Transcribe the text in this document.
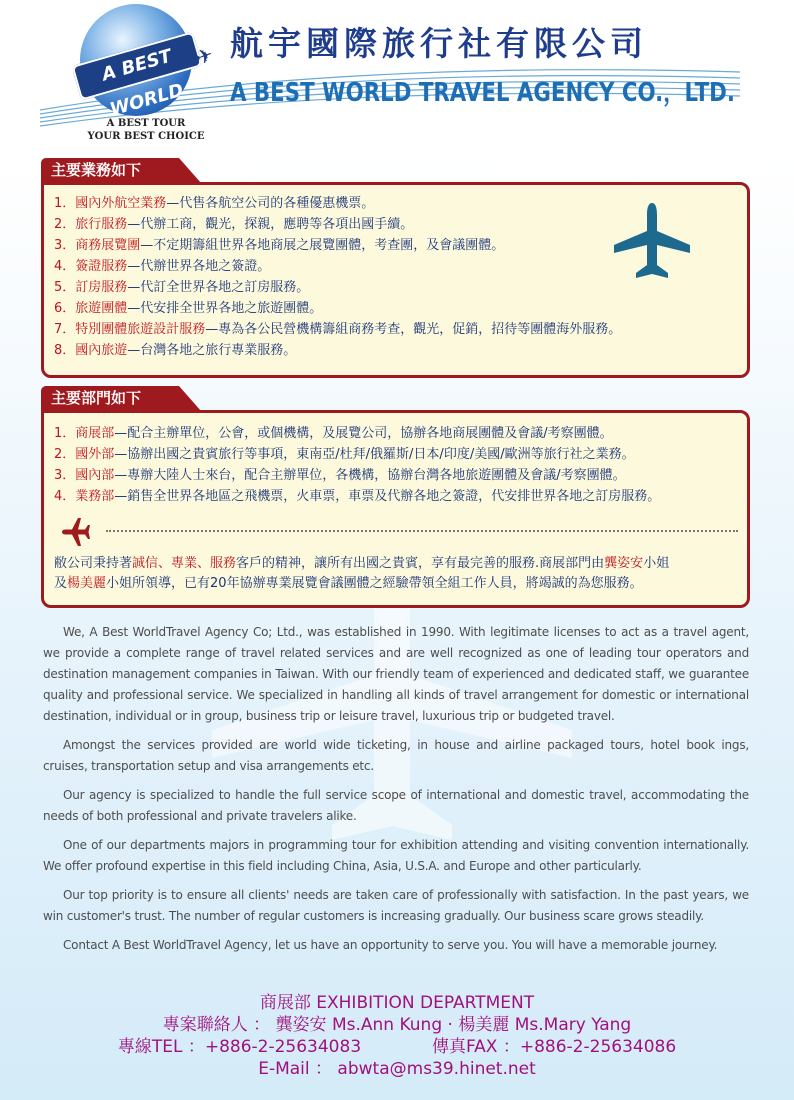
A BEST WORLD
✈
A BEST TOUR
YOUR BEST CHOICE
航宇國際旅行社有限公司
A BEST WORLD TRAVEL AGENCY CO.，LTD.
主要業務如下
1．國內外航空業務—代售各航空公司的各種優惠機票。
2．旅行服務—代辦工商，觀光，探親，應聘等各項出國手續。
3．商務展覽團—不定期籌組世界各地商展之展覽團體，考查團，及會議團體。
4．簽證服務—代辦世界各地之簽證。
5．訂房服務—代訂全世界各地之訂房服務。
6．旅遊團體—代安排全世界各地之旅遊團體。
7．特別團體旅遊設計服務—專為各公民營機構籌組商務考查，觀光，促銷，招待等團體海外服務。
8．國內旅遊—台灣各地之旅行專業服務。
主要部門如下
1．商展部—配合主辦單位，公會，或個機構，及展覽公司，協辦各地商展團體及會議/考察團體。
2．國外部—協辦出國之貴賓旅行等事項，東南亞/杜拜/俄羅斯/日本/印度/美國/歐洲等旅行社之業務。
3．國內部—專辦大陸人士來台，配合主辦單位，各機構，協辦台灣各地旅遊團體及會議/考察團體。
4．業務部—銷售全世界各地區之飛機票，火車票，車票及代辦各地之簽證，代安排世界各地之訂房服務。
敝公司秉持著誠信、專業、服務客戶的精神，讓所有出國之貴賓，享有最完善的服務.商展部門由龔姿安小姐
及楊美麗小姐所領導，已有20年協辦專業展覽會議團體之經驗帶領全組工作人員，將竭誠的為您服務。

We, A Best WorldTravel Agency Co; Ltd., was established in 1990. With legitimate licenses to act as a travel agent, we provide a complete range of travel related services and are well recognized as one of leading tour operators and destination management companies in Taiwan. With our friendly team of experienced and dedicated staff, we guarantee quality and professional service. We specialized in handling all kinds of travel arrangement for domestic or international destination, individual or in group, business trip or leisure travel, luxurious trip or budgeted travel.

Amongst the services provided are world wide ticketing, in house and airline packaged tours, hotel book ings, cruises, transportation setup and visa arrangements etc.

Our agency is specialized to handle the full service scope of international and domestic travel, accommodating the needs of both professional and private travelers alike.

One of our departments majors in programming tour for exhibition attending and visiting convention internationally. We offer profound expertise in this field including China, Asia, U.S.A. and Europe and other particularly.

Our top priority is to ensure all clients' needs are taken care of professionally with satisfaction. In the past years, we win customer's trust. The number of regular customers is increasing gradually. Our business scare grows steadily.

Contact A Best WorldTravel Agency, let us have an opportunity to serve you. You will have a memorable journey.

商展部 EXHIBITION DEPARTMENT
專案聯絡人 ： 龔姿安 Ms.Ann Kung · 楊美麗 Ms.Mary Yang
專線TEL ：+886-2-25634083	傳真FAX ：+886-2-25634086
E-Mail ： abwta@ms39.hinet.net
